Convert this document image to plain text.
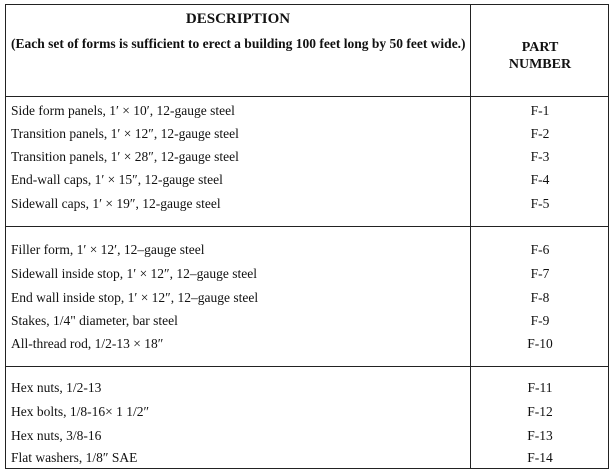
DESCRIPTION
(Each set of forms is sufficient to erect a building 100 feet long by 50 feet wide.)	PART
NUMBER
Side form panels, 1′ × 10′, 12-gauge steel	F-1
Transition panels, 1′ × 12″, 12-gauge steel	F-2
Transition panels, 1′ × 28″, 12-gauge steel	F-3
End-wall caps, 1′ × 15″, 12-gauge steel	F-4
Sidewall caps, 1′ × 19″, 12-gauge steel	F-5
Filler form, 1′ × 12′, 12–gauge steel	F-6
Sidewall inside stop, 1′ × 12″, 12–gauge steel	F-7
End wall inside stop, 1′ × 12″, 12–gauge steel	F-8
Stakes, 1/4" diameter, bar steel	F-9
All-thread rod, 1/2-13 × 18″	F-10
Hex nuts, 1/2-13	F-11
Hex bolts, 1/8-16× 1 1/2″	F-12
Hex nuts, 3/8-16	F-13
Flat washers, 1/8″ SAE	F-14
